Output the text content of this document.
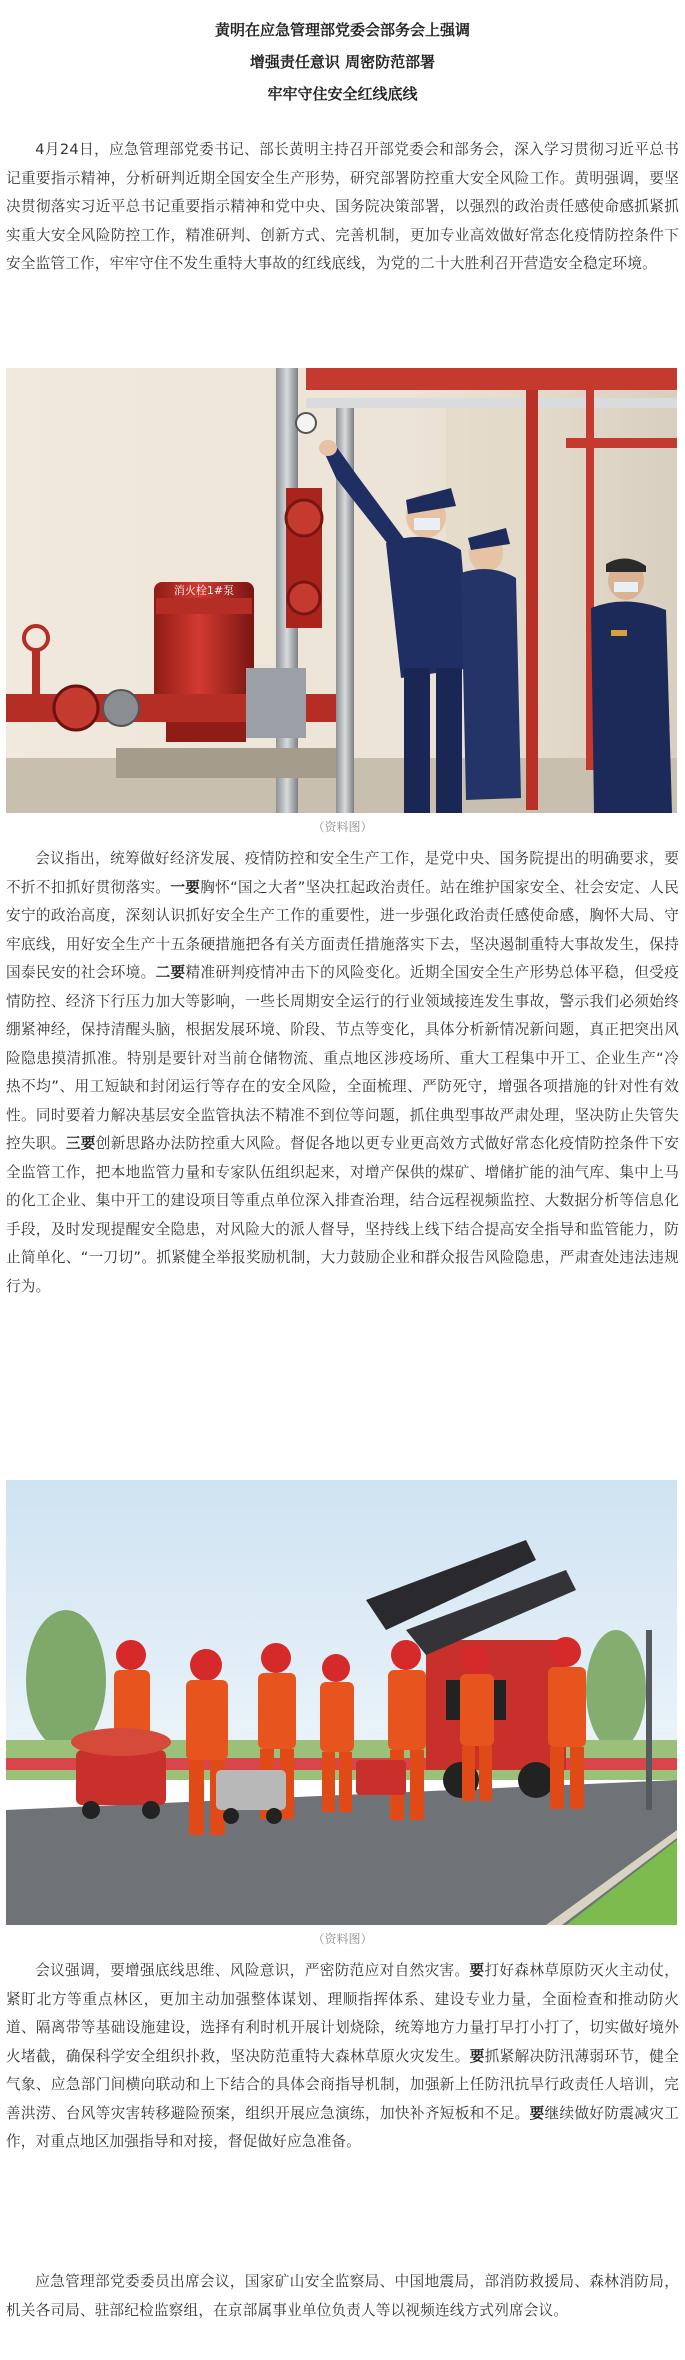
黄明在应急管理部党委会部务会上强调

增强责任意识 周密防范部署

牢牢守住安全红线底线

4月24日，应急管理部党委书记、部长黄明主持召开部党委会和部务会，深入学习贯彻习近平总书记重要指示精神，分析研判近期全国安全生产形势，研究部署防控重大安全风险工作。黄明强调，要坚决贯彻落实习近平总书记重要指示精神和党中央、国务院决策部署，以强烈的政治责任感使命感抓紧抓实重大安全风险防控工作，精准研判、创新方式、完善机制，更加专业高效做好常态化疫情防控条件下安全监管工作，牢牢守住不发生重特大事故的红线底线，为党的二十大胜利召开营造安全稳定环境。

消火栓1#泵
（资料图）

会议指出，统筹做好经济发展、疫情防控和安全生产工作，是党中央、国务院提出的明确要求，要不折不扣抓好贯彻落实。一要胸怀“国之大者”坚决扛起政治责任。站在维护国家安全、社会安定、人民安宁的政治高度，深刻认识抓好安全生产工作的重要性，进一步强化政治责任感使命感，胸怀大局、守牢底线，用好安全生产十五条硬措施把各有关方面责任措施落实下去，坚决遏制重特大事故发生，保持国泰民安的社会环境。二要精准研判疫情冲击下的风险变化。近期全国安全生产形势总体平稳，但受疫情防控、经济下行压力加大等影响，一些长周期安全运行的行业领域接连发生事故，警示我们必须始终绷紧神经，保持清醒头脑，根据发展环境、阶段、节点等变化，具体分析新情况新问题，真正把突出风险隐患摸清抓准。特别是要针对当前仓储物流、重点地区涉疫场所、重大工程集中开工、企业生产“冷热不均”、用工短缺和封闭运行等存在的安全风险，全面梳理、严防死守，增强各项措施的针对性有效性。同时要着力解决基层安全监管执法不精准不到位等问题，抓住典型事故严肃处理，坚决防止失管失控失职。三要创新思路办法防控重大风险。督促各地以更专业更高效方式做好常态化疫情防控条件下安全监管工作，把本地监管力量和专家队伍组织起来，对增产保供的煤矿、增储扩能的油气库、集中上马的化工企业、集中开工的建设项目等重点单位深入排查治理，结合远程视频监控、大数据分析等信息化手段，及时发现提醒安全隐患，对风险大的派人督导，坚持线上线下结合提高安全指导和监管能力，防止简单化、“一刀切”。抓紧健全举报奖励机制，大力鼓励企业和群众报告风险隐患，严肃查处违法违规行为。

（资料图）

会议强调，要增强底线思维、风险意识，严密防范应对自然灾害。要打好森林草原防灭火主动仗，紧盯北方等重点林区，更加主动加强整体谋划、理顺指挥体系、建设专业力量，全面检查和推动防火道、隔离带等基础设施建设，选择有利时机开展计划烧除，统筹地方力量打早打小打了，切实做好境外火堵截，确保科学安全组织扑救，坚决防范重特大森林草原火灾发生。要抓紧解决防汛薄弱环节，健全气象、应急部门间横向联动和上下结合的具体会商指导机制，加强新上任防汛抗旱行政责任人培训，完善洪涝、台风等灾害转移避险预案，组织开展应急演练，加快补齐短板和不足。要继续做好防震减灾工作，对重点地区加强指导和对接，督促做好应急准备。

应急管理部党委委员出席会议，国家矿山安全监察局、中国地震局，部消防救援局、森林消防局，机关各司局、驻部纪检监察组，在京部属事业单位负责人等以视频连线方式列席会议。
